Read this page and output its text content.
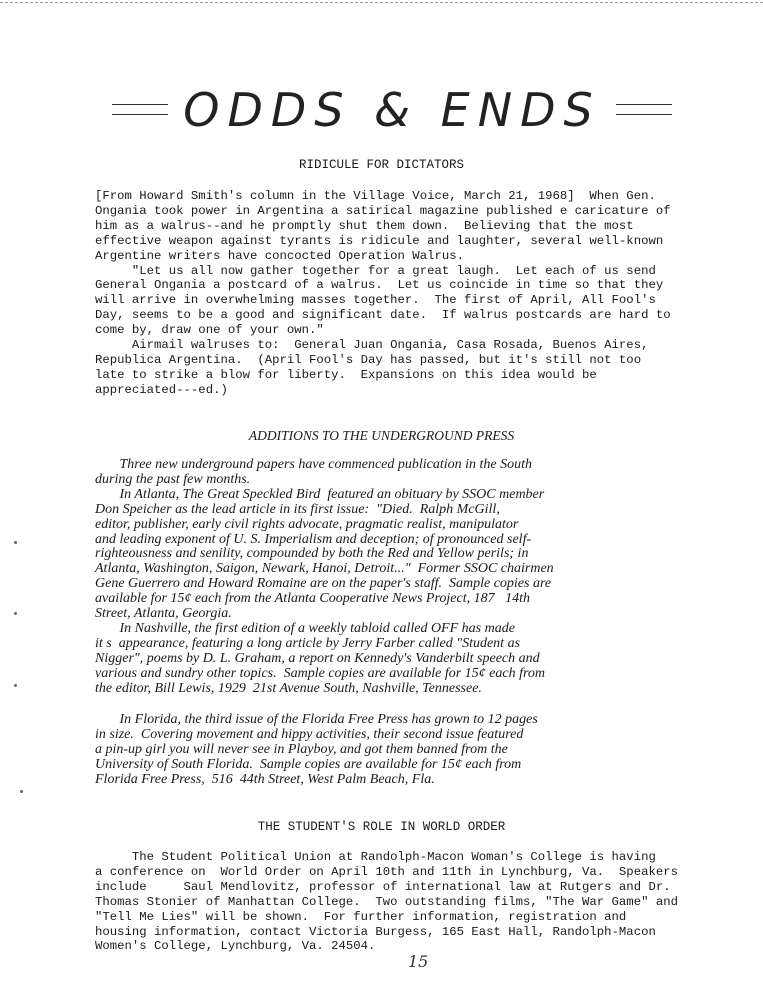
ODDS & ENDS
RIDICULE FOR DICTATORS
[From Howard Smith's column in the Village Voice, March 21, 1968]  When Gen.
Ongania took power in Argentina a satirical magazine published e caricature of
him as a walrus--and he promptly shut them down.  Believing that the most
effective weapon against tyrants is ridicule and laughter, several well-known
Argentine writers have concocted Operation Walrus.
"Let us all now gather together for a great laugh.  Let each of us send
General Ongania a postcard of a walrus.  Let us coincide in time so that they
will arrive in overwhelming masses together.  The first of April, All Fool's
Day, seems to be a good and significant date.  If walrus postcards are hard to
come by, draw one of your own."
Airmail walruses to:  General Juan Ongania, Casa Rosada, Buenos Aires,
Republica Argentina.  (April Fool's Day has passed, but it's still not too
late to strike a blow for liberty.  Expansions on this idea would be
appreciated---ed.)
ADDITIONS TO THE UNDERGROUND PRESS
Three new underground papers have commenced publication in the South
during the past few months.
In Atlanta, The Great Speckled Bird  featured an obituary by SSOC member
Don Speicher as the lead article in its first issue:  "Died.  Ralph McGill,
editor, publisher, early civil rights advocate, pragmatic realist, manipulator
and leading exponent of U. S. Imperialism and deception; of pronounced self-
righteousness and senility, compounded by both the Red and Yellow perils; in
Atlanta, Washington, Saigon, Newark, Hanoi, Detroit..."  Former SSOC chairmen
Gene Guerrero and Howard Romaine are on the paper's staff.  Sample copies are
available for 15¢ each from the Atlanta Cooperative News Project, 187   14th
Street, Atlanta, Georgia.
In Nashville, the first edition of a weekly tabloid called OFF has made
it s  appearance, featuring a long article by Jerry Farber called "Student as
Nigger", poems by D. L. Graham, a report on Kennedy's Vanderbilt speech and
various and sundry other topics.  Sample copies are available for 15¢ each from
the editor, Bill Lewis, 1929  21st Avenue South, Nashville, Tennessee.
In Florida, the third issue of the Florida Free Press has grown to 12 pages
in size.  Covering movement and hippy activities, their second issue featured
a pin-up girl you will never see in Playboy, and got them banned from the
University of South Florida.  Sample copies are available for 15¢ each from
Florida Free Press,  516  44th Street, West Palm Beach, Fla.
THE STUDENT'S ROLE IN WORLD ORDER
The Student Political Union at Randolph-Macon Woman's College is having
a conference on  World Order on April 10th and 11th in Lynchburg, Va.  Speakers
include     Saul Mendlovitz, professor of international law at Rutgers and Dr.
Thomas Stonier of Manhattan College.  Two outstanding films, "The War Game" and
"Tell Me Lies" will be shown.  For further information, registration and
housing information, contact Victoria Burgess, 165 East Hall, Randolph-Macon
Women's College, Lynchburg, Va. 24504.
15
